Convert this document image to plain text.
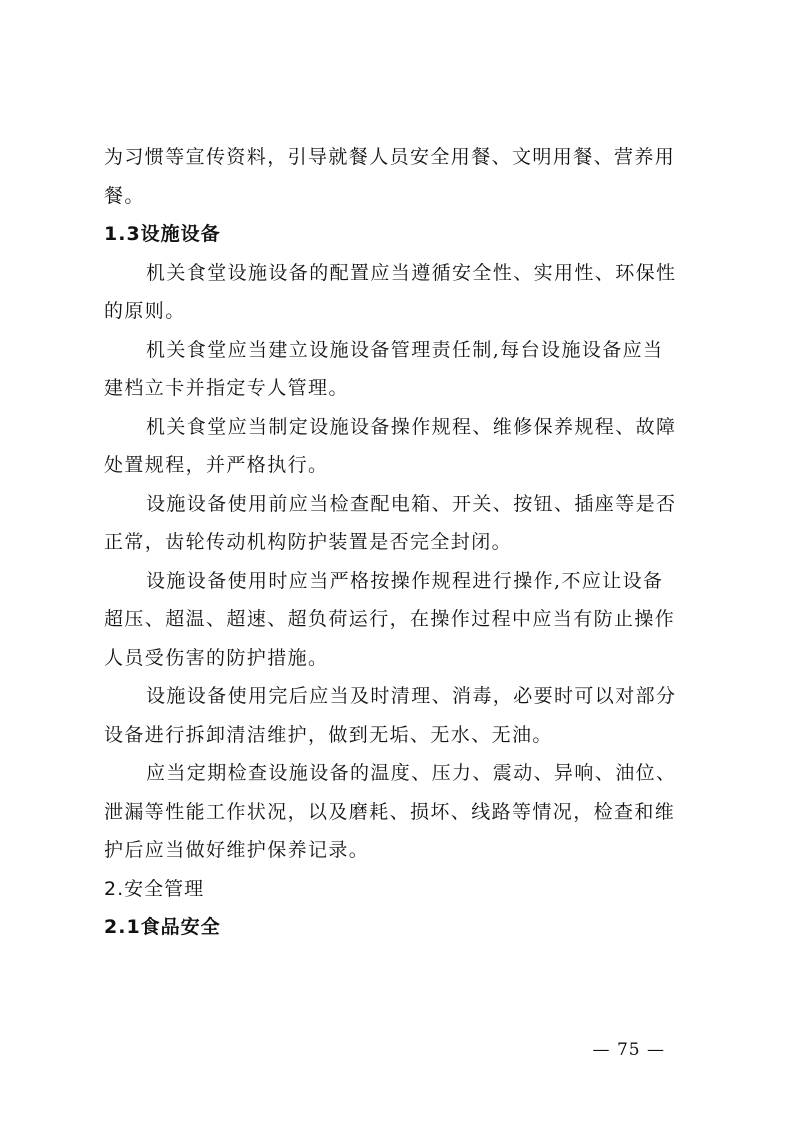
为习惯等宣传资料，引导就餐人员安全用餐、文明用餐、营养用
餐。
1.3设施设备
机关食堂设施设备的配置应当遵循安全性、实用性、环保性
的原则。
机关食堂应当建立设施设备管理责任制,每台设施设备应当
建档立卡并指定专人管理。
机关食堂应当制定设施设备操作规程、维修保养规程、故障
处置规程，并严格执行。
设施设备使用前应当检查配电箱、开关、按钮、插座等是否
正常，齿轮传动机构防护装置是否完全封闭。
设施设备使用时应当严格按操作规程进行操作,不应让设备
超压、超温、超速、超负荷运行，在操作过程中应当有防止操作
人员受伤害的防护措施。
设施设备使用完后应当及时清理、消毒，必要时可以对部分
设备进行拆卸清洁维护，做到无垢、无水、无油。
应当定期检查设施设备的温度、压力、震动、异响、油位、
泄漏等性能工作状况，以及磨耗、损坏、线路等情况，检查和维
护后应当做好维护保养记录。
2.安全管理
2.1食品安全
— 75 —
